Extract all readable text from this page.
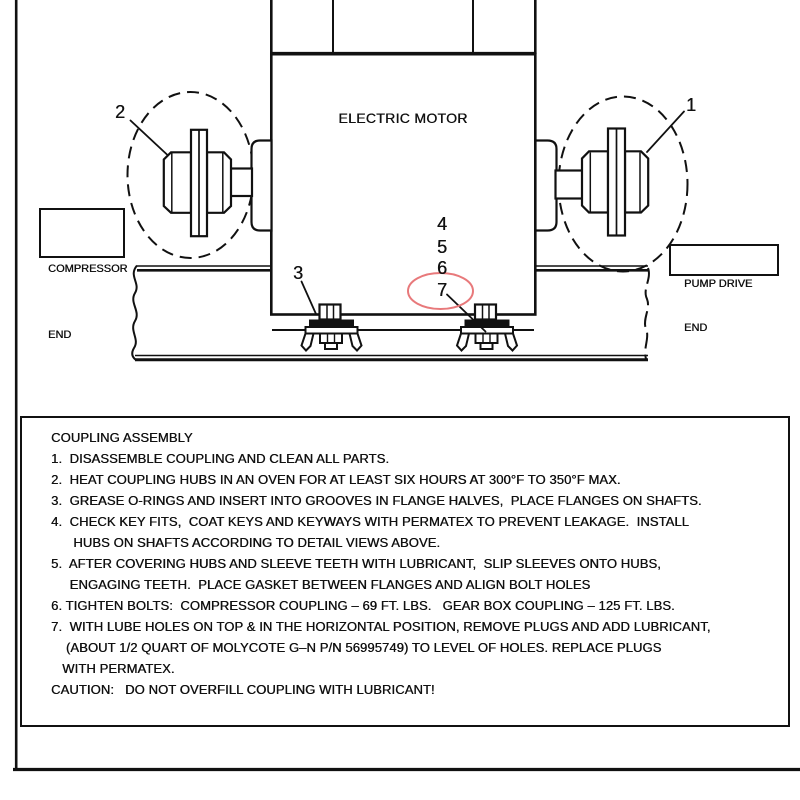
ELECTRIC MOTOR
1
2
3
4
5
6
7

COMPRESSOR

END

PUMP DRIVE

END

COUPLING ASSEMBLY
1.  DISASSEMBLE COUPLING AND CLEAN ALL PARTS.
2.  HEAT COUPLING HUBS IN AN OVEN FOR AT LEAST SIX HOURS AT 300°F TO 350°F MAX.
3.  GREASE O-RINGS AND INSERT INTO GROOVES IN FLANGE HALVES,  PLACE FLANGES ON SHAFTS.
4.  CHECK KEY FITS,  COAT KEYS AND KEYWAYS WITH PERMATEX TO PREVENT LEAKAGE.  INSTALL
HUBS ON SHAFTS ACCORDING TO DETAIL VIEWS ABOVE.
5.  AFTER COVERING HUBS AND SLEEVE TEETH WITH LUBRICANT,  SLIP SLEEVES ONTO HUBS,
ENGAGING TEETH.  PLACE GASKET BETWEEN FLANGES AND ALIGN BOLT HOLES
6. TIGHTEN BOLTS:  COMPRESSOR COUPLING – 69 FT. LBS.   GEAR BOX COUPLING – 125 FT. LBS.
7.  WITH LUBE HOLES ON TOP & IN THE HORIZONTAL POSITION, REMOVE PLUGS AND ADD LUBRICANT,
(ABOUT 1/2 QUART OF MOLYCOTE G–N P/N 56995749) TO LEVEL OF HOLES. REPLACE PLUGS
WITH PERMATEX.
CAUTION:   DO NOT OVERFILL COUPLING WITH LUBRICANT!
